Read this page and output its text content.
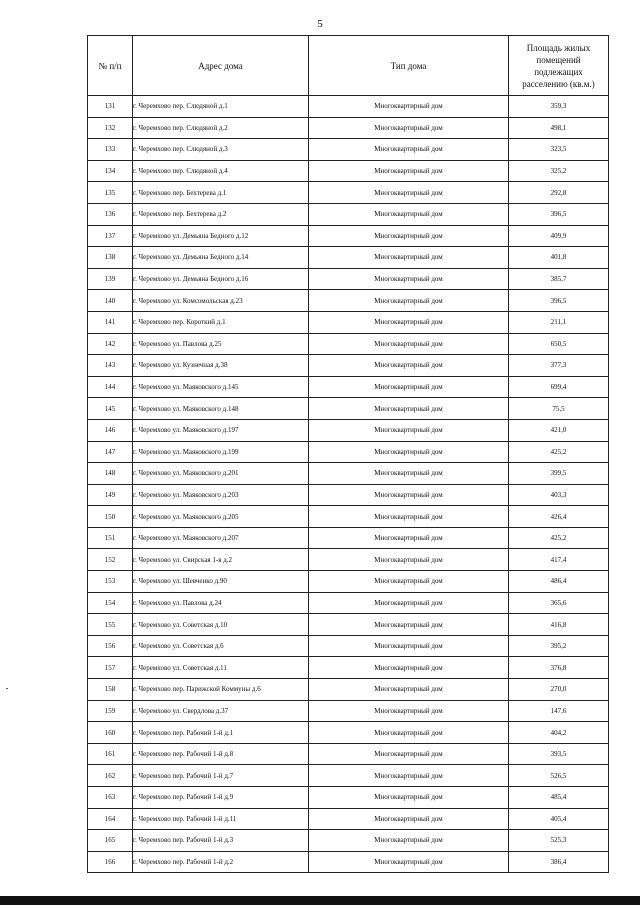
5
№ п/п	Адрес дома	Тип дома	Площадь жилых помещений подлежащих расселению (кв.м.)
131	г. Черемхово пер. Слюдяной д.1	Многоквартирный дом	359,3
132	г. Черемхово пер. Слюдяной д.2	Многоквартирный дом	498,1
133	г. Черемхово пер. Слюдяной д.3	Многоквартирный дом	323,5
134	г. Черемхово пер. Слюдяной д.4	Многоквартирный дом	325,2
135	г. Черемхово пер. Бехтерева д.1	Многоквартирный дом	292,8
136	г. Черемхово пер. Бехтерева д.2	Многоквартирный дом	396,5
137	г. Черемхово ул. Демьяна Бедного д.12	Многоквартирный дом	409,9
138	г. Черемхово ул. Демьяна Бедного д.14	Многоквартирный дом	401,8
139	г. Черемхово ул. Демьяна Бедного д.16	Многоквартирный дом	385,7
140	г. Черемхово ул. Комсомольская д.23	Многоквартирный дом	396,5
141	г. Черемхово пер. Короткий д.1	Многоквартирный дом	211,1
142	г. Черемхово ул. Павлова д.25	Многоквартирный дом	650,5
143	г. Черемхово ул. Кузнечная д.38	Многоквартирный дом	377,3
144	г. Черемхово ул. Маяковского д.145	Многоквартирный дом	699,4
145	г. Черемхово ул. Маяковского д.148	Многоквартирный дом	75,5
146	г. Черемхово ул. Маяковского д.197	Многоквартирный дом	421,0
147	г. Черемхово ул. Маяковского д.199	Многоквартирный дом	425,2
148	г. Черемхово ул. Маяковского д.201	Многоквартирный дом	399,5
149	г. Черемхово ул. Маяковского д.203	Многоквартирный дом	403,3
150	г. Черемхово ул. Маяковского д.205	Многоквартирный дом	426,4
151	г. Черемхово ул. Маяковского д.207	Многоквартирный дом	425,2
152	г. Черемхово ул. Свирская 1-я д.2	Многоквартирный дом	417,4
153	г. Черемхово ул. Шевченко д.90	Многоквартирный дом	486,4
154	г. Черемхово ул. Павлова д.24	Многоквартирный дом	365,6
155	г. Черемхово ул. Советская д.10	Многоквартирный дом	416,8
156	г. Черемхово ул. Советская д.6	Многоквартирный дом	395,2
157	г. Черемхово ул. Советская д.11	Многоквартирный дом	376,8
158	г. Черемхово пер. Парижской Коммуны д.6	Многоквартирный дом	270,0
159	г. Черемхово ул. Свердлова д.37	Многоквартирный дом	147,6
160	г. Черемхово пер. Рабочий 1-й д.1	Многоквартирный дом	404,2
161	г. Черемхово пер. Рабочий 1-й д.8	Многоквартирный дом	393,5
162	г. Черемхово пер. Рабочий 1-й д.7	Многоквартирный дом	526,5
163	г. Черемхово пер. Рабочий 1-й д.9	Многоквартирный дом	485,4
164	г. Черемхово пер. Рабочий 1-й д.11	Многоквартирный дом	405,4
165	г. Черемхово пер. Рабочий 1-й д.3	Многоквартирный дом	525,3
166	г. Черемхово пер. Рабочий 1-й д.2	Многоквартирный дом	386,4
